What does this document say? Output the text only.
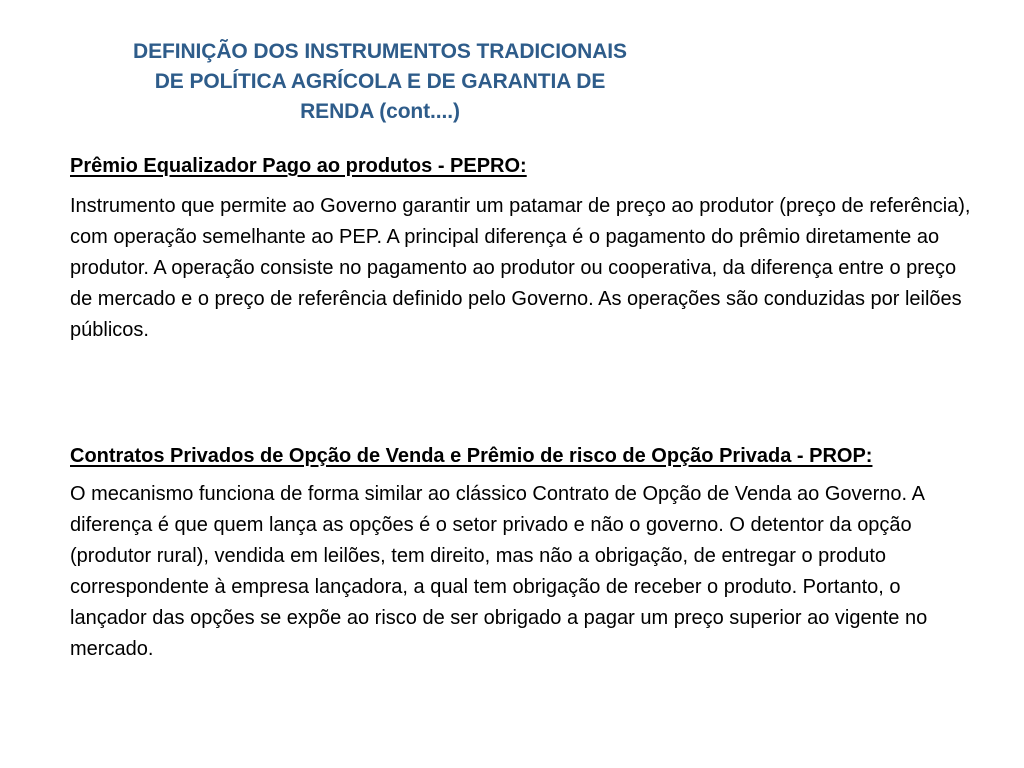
DEFINIÇÃO DOS INSTRUMENTOS TRADICIONAIS
DE POLÍTICA AGRÍCOLA E DE GARANTIA DE
RENDA (cont....)

Prêmio Equalizador Pago ao produtos - PEPRO:

Instrumento que permite ao Governo garantir um patamar de preço ao produtor (preço de referência), com operação semelhante ao PEP. A principal diferença é o pagamento do prêmio diretamente ao produtor. A operação consiste no pagamento ao produtor ou cooperativa, da diferença entre o preço de mercado e o preço de referência definido pelo Governo. As operações são conduzidas por leilões públicos.

Contratos Privados de Opção de Venda e Prêmio de risco de Opção Privada - PROP:

O mecanismo funciona de forma similar ao clássico Contrato de Opção de Venda ao Governo. A diferença é que quem lança as opções é o setor privado e não o governo. O detentor da opção (produtor rural), vendida em leilões, tem direito, mas não a obrigação, de entregar o produto correspondente à empresa lançadora, a qual tem obrigação de receber o produto. Portanto, o lançador das opções se expõe ao risco de ser obrigado a pagar um preço superior ao vigente no mercado.
